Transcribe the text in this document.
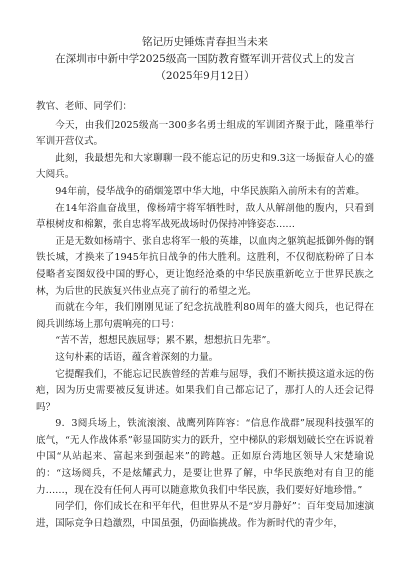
铭记历史锤炼青春担当未来
在深圳市中新中学2025级高一国防教育暨军训开营仪式上的发言
（2025年9月12日）

教官、老师、同学们：

今天，由我们2025级高一300多名勇士组成的军训团齐聚于此，隆重举行军训开营仪式。

此刻，我最想先和大家聊聊一段不能忘记的历史和9.3这一场振奋人心的盛大阅兵。

94年前，侵华战争的硝烟笼罩中华大地，中华民族陷入前所未有的苦难。

在14年浴血奋战里，像杨靖宇将军牺牲时，敌人从解剖他的腹内，只看到草根树皮和棉絮，张自忠将军战死战场时仍保持冲锋姿态……

正是无数如杨靖宇、张自忠将军一般的英雄，以血肉之躯筑起抵御外侮的钢铁长城，才换来了1945年抗日战争的伟大胜利。这胜利，不仅彻底粉碎了日本侵略者妄图奴役中国的野心，更让饱经沧桑的中华民族重新屹立于世界民族之林，为后世的民族复兴伟业点亮了前行的希望之光。

而就在今年，我们刚刚见证了纪念抗战胜利80周年的盛大阅兵，也记得在阅兵训练场上那句震响亮的口号：

“苦不苦，想想民族屈辱；累不累，想想抗日先辈”。

这句朴素的话语，蕴含着深刻的力量。

它提醒我们，不能忘记民族曾经的苦难与屈辱，我们不断扶摸这道永远的伤疤，因为历史需要被反复讲述。如果我们自己都忘记了，那打人的人还会记得吗？

9．3阅兵场上，铁流滚滚、战鹰列阵阵容：“信息作战群”展现科技强军的底气，“无人作战体系”彰显国防实力的跃升，空中梯队的彩烟划破长空在诉说着中国“从站起来、富起来到强起来”的跨越。正如原台湾地区领导人宋楚瑜说的：“这场阅兵，不是炫耀武力，是要让世界了解，中华民族绝对有自卫的能力……，现在没有任何人再可以随意欺负我们中华民族，我们要好好地珍惜。”

同学们，你们成长在和平年代，但世界从不是“岁月静好”：百年变局加速演进，国际竞争日趋激烈，中国虽强，仍面临挑战。作为新时代的青少年，
